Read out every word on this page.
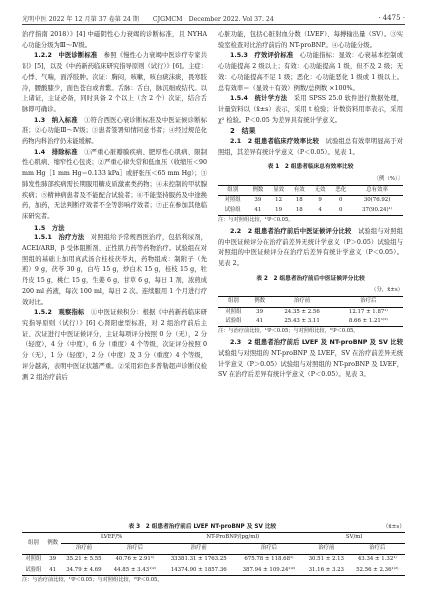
光明中医 2022 年 12 月第 37 卷第 24 期 CJGMCM　December 2022. Vol 37. 24	· 4475 ·

治疗指南 2018）》[4] 中磁阴性心力衰竭的诊断标准，且 NYHA 心功能分级为Ⅲ～Ⅳ级。

1.2.2　中医诊断标准　 参照《慢性心力衰竭中医诊疗专家共识》[5]，以及《中药新药临床研究指导原则（试行）》[6]。主症：心悸、气喘，面浮肢肿。次证：胸闷，咳嗽，咳白痰沫痰，畏寒肢冷，腰酸膝少，面色苍白或青紫。舌脉：舌白，脉沉细或结代。以上诸证，主证必备，同时具备 2 个以上（含 2 个）次证，结合舌脉即可确诊。

1.3　纳入标准　 ①符合西医心衰诊断标准及中医证候诊断标准；②心功能Ⅲ～Ⅳ级；③患者签署知情同意书者；④经过规范化药物内科治疗仍未能缓解。

1.4　排除标准　 ①严重心脏瓣膜疾病、肥厚性心肌病、限制性心肌病、缩窄性心包炎；②严重心律失常和低血压（收缩压＜90 mm Hg［1 mm Hg＝0.133 kPa］或舒张压＜65 mm Hg）；③肺发性肺部疾病需长期服用糖皮质激素类药物；④未控制的甲状腺疾病；⑤精神病患者及不能配合试验者；⑥不能坚持服药及中途换药，加药，无法判断疗效者不全等影响疗效者；⑦正在参加其他临床研究者。

1.5　方法

1.5.1　治疗方法　 对照组给予常规西医治疗，包括利尿剂，ACEI/ARB，β 受体阻断剂、正性肌力药等药物治疗。试验组在对照组的基础上加用真武汤合桂枝茯苓丸，药物组成：制附子（先煎）9 g，茯苓 30 g，白芍 15 g，炒白术 15 g，桂枝 15 g，牡丹皮 15 g，桃仁 15 g，生姜 6 g，甘草 6 g，每日 1 剂，浓煎成 200 ml 药液，每次 100 ml，每日 2 次。连续服用 1 个月进行疗效对比。

1.5.2　观察指标　 ①中医证候积分：根据《中药新药临床研究指导原则（试行）》[6] 心肾阳虚型标准，对 2 组治疗前后主证、次证进行中医证候评分，主证每项评分按照 0 分（无），2 分（轻度），4 分（中度），6 分（重度）4 个等级，次证评分按照 0 分（无），1 分（轻度），2 分（中度）及 3 分（重度）4 个等级，评分越高，表明中医证状越严重。②采用彩色多普勒超声诊断仪检测 2 组治疗前后

心脏功能，包括心脏射血分数（LVEF）、每搏输出量（SV）。③实验室检查对比治疗前后的 NT-proBNP。④心功能分级。

1.5.3　疗效评价标准　 心功能指标：显效：心衰基本控制或心功能提高 2 级以上；有效：心功能提高 1 级，但不及 2 级；无效：心功能提高不足 1 级；恶化：心功能恶化 1 级或 1 级以上。总有效率＝（显效＋有效）例数/总例数 ×100%。

1.5.4　统计学方法　 采用 SPSS 25.0 软件进行数据处理，计量资料以（x̄±s）表示，采用 t 检验；计数资料用率表示，采用 χ² 检验。P＜0.05 为差异具有统计学意义。

2　结果

2.1　2 组患者临床疗效率比较　 试验组总有效率明显高于对照组，其差异有统计学意义（P＜0.05）。见表 1。

表 1　2 组患者临床总有效率比较
〔例（%）〕
组别	例数	显效	有效	无效	恶化	总有效率
对照组	39	12	18	9	0	30(76.92)
试验组	41	19	18	4	0	37(90.24)¹⁾
注：与对照组比较，¹⁾P＜0.05。

2.2　2 组患者治疗前后中医证候评分比较　 试验组与对照组的中医证候评分在治疗前差异无统计学意义（P＞0.05）试验组与对照组的中医证候评分在治疗后差异有统计学意义（P＜0.05）。见表 2。

表 2　2 组患者治疗前后中医证候评分比较
（分，x̄±s）
组别	例数	治疗前	治疗后
对照组	39	24.35 ± 2.56	12.17 ± 1.87¹⁾
试验组	41	25.43 ± 3.11	8.66 ± 1.21¹⁾²⁾
注：与治疗前比较，¹⁾P＜0.05；与对照组比较，²⁾P＜0.05。

2.3　2 组患者治疗前后 LVEF 及 NT-proBNP 及 SV 比较　试验组与对照组的 NT-proBNP 及 LVEF，SV 在治疗前差异无统计学意义（P＞0.05）试验组与对照组的 NT-proBNP 及 LVEF，SV 在治疗后差异有统计学意义（P＜0.05）。见表 3。

表 3　2 组患者治疗前后 LVEF NT-proBNP 及 SV 比较	（x̄±s）
组别	例数	LVEF/%		NT-ProBNP/(pg/ml)		SV/ml	
		治疗前	治疗后	治疗前	治疗后	治疗前	治疗后
对照组	39	35.21 ± 5.55	40.76 ± 2.91¹⁾	33381.31 ± 1763.25	675.78 ± 118.68¹⁾	30.51 ± 2.13	43.34 ± 1.32¹⁾
试验组	41	34.79 ± 4.69	44.85 ± 3.43¹⁾²⁾	14374.90 ± 1857.36	387.94 ± 109.24¹⁾²⁾	31.16 ± 3.23	52.56 ± 2.36¹⁾²⁾
注：与治疗前比较，¹⁾P＜0.05；与对照组比较，²⁾P＜0.05。
